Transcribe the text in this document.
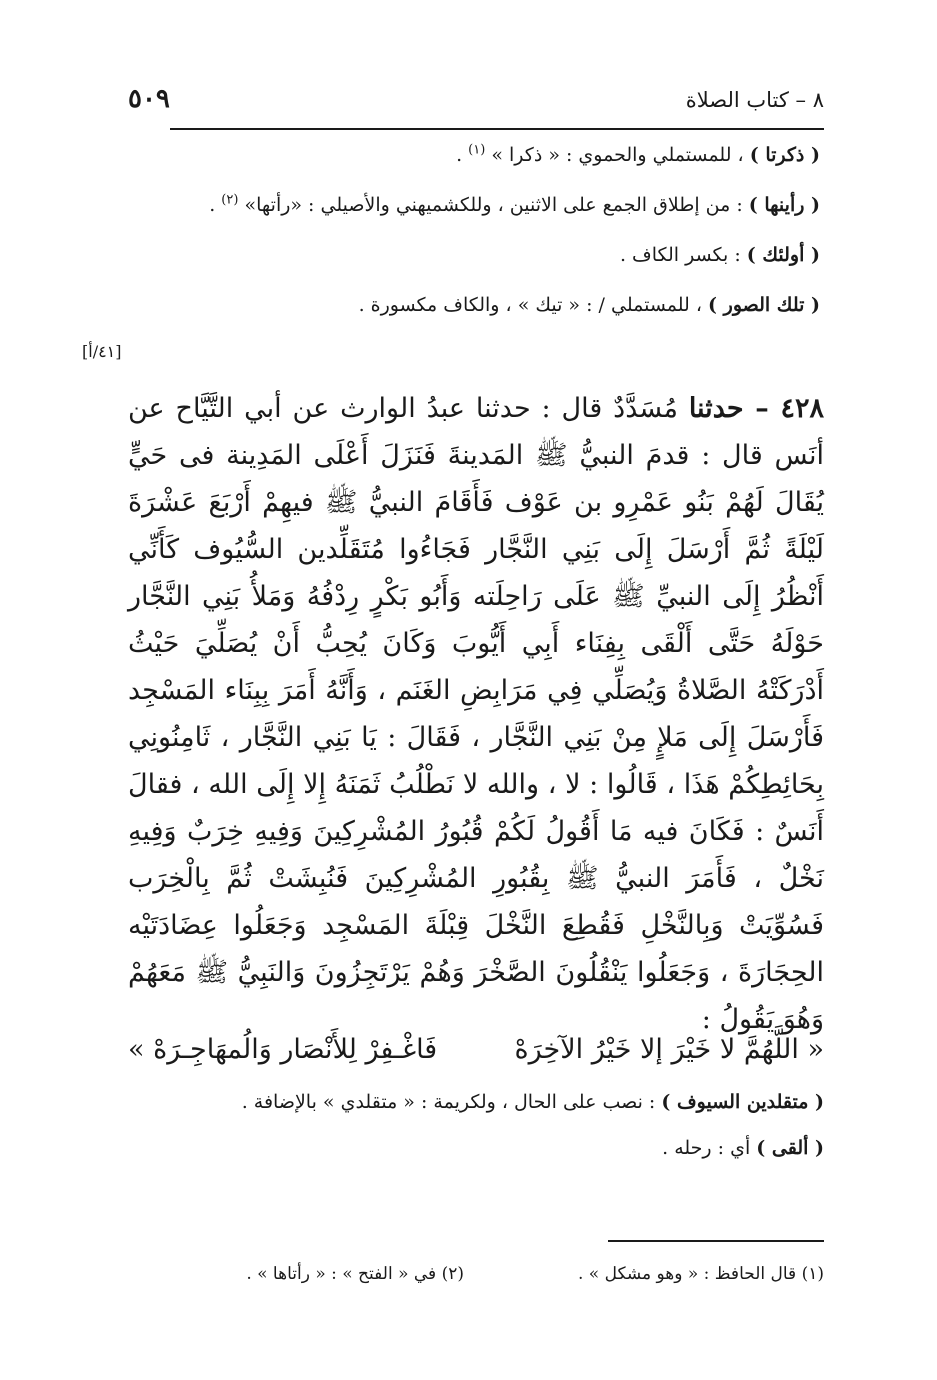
٨ – كتاب الصلاة
٥٠٩

( ذكرتا ) ، للمستملي والحموي : « ذكرا » $^{(١)}$ .

( رأينها ) : من إطلاق الجمع على الاثنين ، وللكشميهني والأصيلي : «رأتها» $^{(٢)}$ .

( أولئك ) : بكسر الكاف .

( تلك الصور ) ، للمستملي / : « تيك » ، والكاف مكسورة .

[٤١/أ]
٤٢٨ – حدثنا مُسَدَّدٌ قال : حدثنا عبدُ الوارث عن أبي التَّيَّاح عن أنَس قال : قدمَ النبيُّ ﷺ المَدينةَ فَنَزَلَ أَعْلَى المَدِينة فى حَيٍّ يُقَالَ لَهُمْ بَنُو عَمْرِو بن عَوْف فَأَقَامَ النبيُّ ﷺ فيهِمْ أَرْبَعَ عَشْرَةَ لَيْلَةً ثُمَّ أَرْسَلَ إِلَى بَنِي النَّجَّار فَجَاءُوا مُتَقَلِّدين السُّيُوف كَأَنِّي أَنْظُرُ إِلَى النبيِّ ﷺ عَلَى رَاحِلَته وَأَبُو بَكْرٍ رِدْفُهُ وَمَلأُ بَنِي النَّجَّار حَوْلَهُ حَتَّى أَلْقَى بِفِنَاء أَبِي أَيُّوبَ وَكَانَ يُحِبُّ أَنْ يُصَلِّيَ حَيْثُ أَدْرَكَتْهُ الصَّلاةُ وَيُصَلِّي فِي مَرَابِضِ الغَنَم ، وَأَنَّهُ أَمَرَ بِبِنَاء المَسْجِد فَأَرْسَلَ إِلَى مَلإٍ مِنْ بَنِي النَّجَّار ، فَقَالَ : يَا بَنِي النَّجَّار ، ثَامِنُونِي بِحَائِطِكُمْ هَذَا ، قَالُوا : لا ، والله لا نَطْلُبُ ثَمَنَهُ إِلا إِلَى الله ، فقالَ أَنَسٌ : فَكَانَ فيه مَا أَقُولُ لَكُمْ قُبُورُ المُشْرِكِينَ وَفِيهِ خِرَبٌ وَفِيهِ نَخْلٌ ، فَأَمَرَ النبيُّ ﷺ بِقُبُورِ المُشْرِكِينَ فَنُبِشَتْ ثُمَّ بِالْخِرَب فَسُوِّيَتْ وَبِالنَّخْلِ فَقُطِعَ النَّخْلَ قِبْلَةَ المَسْجِد وَجَعَلُوا عِضَادَتَيْه الحِجَارَةَ ، وَجَعَلُوا يَنْقُلُونَ الصَّخْرَ وَهُمْ يَرْتَجِزُونَ وَالنَبِيُّ ﷺ مَعَهُمْ وَهُوَ يَقُولُ :
« اللَّهُمَّ لا خَيْرَ إلا خَيْرُ الآخِرَهْ
فَاغْـفِرْ لِلأَنْصَار وَالُمهَاجِـرَهْ »

( متقلدين السيوف ) : نصب على الحال ، ولكريمة : « متقلدي » بالإضافة .

( ألقى ) أي : رحله .

(١) قال الحافظ : « وهو مشكل » .
(٢) في « الفتح » : « رأتاها » .
